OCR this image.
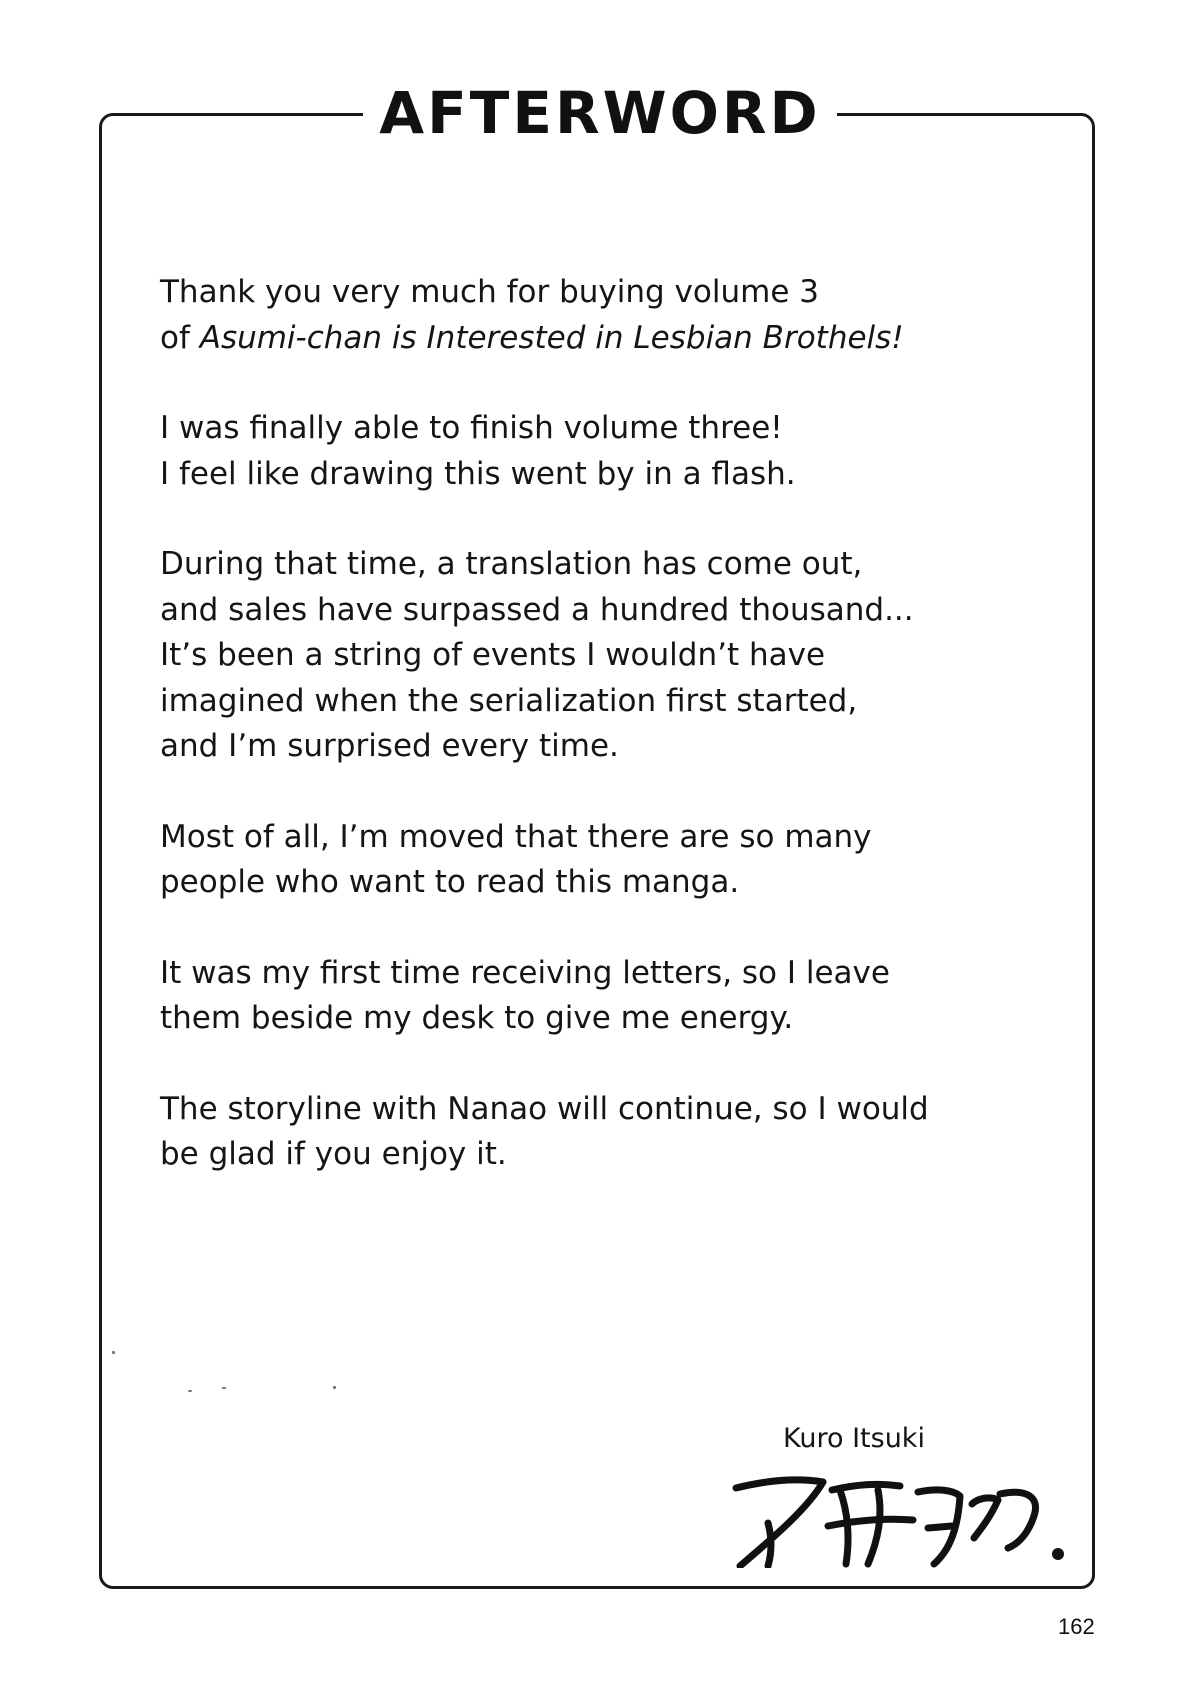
AFTERWORD

Thank you very much for buying volume 3
of Asumi-chan is Interested in Lesbian Brothels!

I was finally able to finish volume three!
I feel like drawing this went by in a flash.

During that time, a translation has come out,
and sales have surpassed a hundred thousand...
It’s been a string of events I wouldn’t have
imagined when the serialization first started,
and I’m surprised every time.

Most of all, I’m moved that there are so many
people who want to read this manga.

It was my first time receiving letters, so I leave
them beside my desk to give me energy.

The storyline with Nanao will continue, so I would
be glad if you enjoy it.

Kuro Itsuki
162
